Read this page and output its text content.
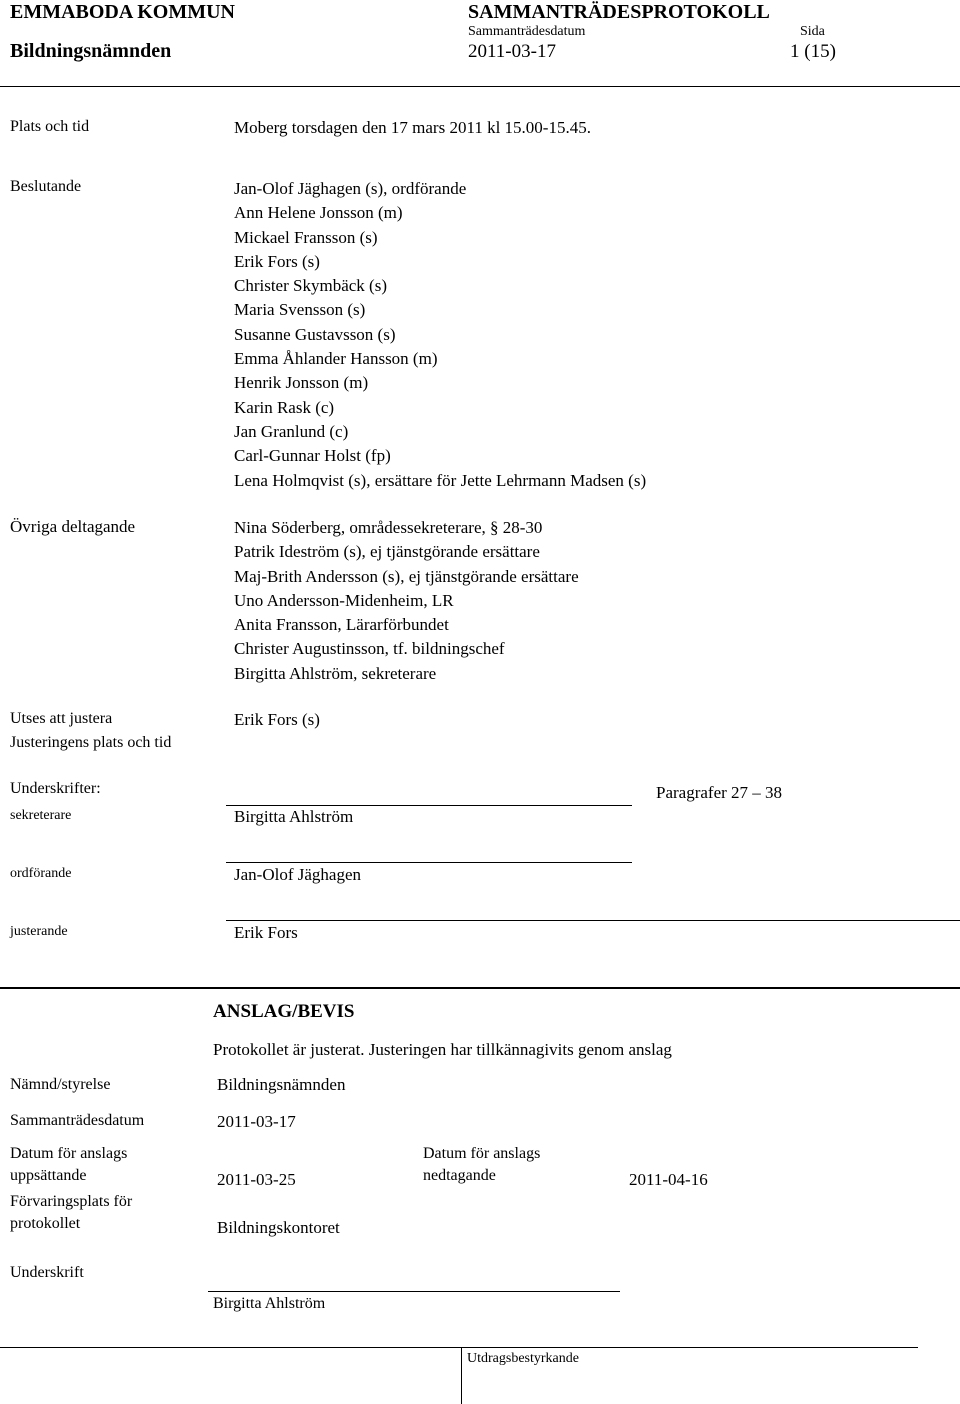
EMMABODA KOMMUN	SAMMANTRÄDESPROTOKOLL
Sammanträdesdatum	Sida
Bildningsnämnden	2011-03-17	1 (15)
Plats och tid	Moberg torsdagen den 17 mars 2011 kl 15.00-15.45.
Beslutande	Jan-Olof Jäghagen (s), ordförande
Ann Helene Jonsson (m)
Mickael Fransson (s)
Erik Fors (s)
Christer Skymbäck (s)
Maria Svensson (s)
Susanne Gustavsson (s)
Emma Åhlander Hansson (m)
Henrik Jonsson (m)
Karin Rask (c)
Jan Granlund (c)
Carl-Gunnar Holst (fp)
Lena Holmqvist (s), ersättare för Jette Lehrmann Madsen (s)
Övriga deltagande	Nina Söderberg, områdessekreterare, § 28-30
Patrik Ideström (s), ej tjänstgörande ersättare
Maj-Brith Andersson (s), ej tjänstgörande ersättare
Uno Andersson-Midenheim, LR
Anita Fransson, Lärarförbundet
Christer Augustinsson, tf. bildningschef
Birgitta Ahlström, sekreterare
Utses att justera	Erik Fors (s)
Justeringens plats och tid
Underskrifter:	Paragrafer 27 – 38
sekreterare	Birgitta Ahlström
ordförande	Jan-Olof Jäghagen
justerande	Erik Fors
ANSLAG/BEVIS
Protokollet är justerat. Justeringen har tillkännagivits genom anslag
Nämnd/styrelse	Bildningsnämnden
Sammanträdesdatum	2011-03-17
Datum för anslags
uppsättande	2011-03-25
Datum för anslags
nedtagande	2011-04-16
Förvaringsplats för
protokollet	Bildningskontoret
Underskrift
Birgitta Ahlström
Utdragsbestyrkande
